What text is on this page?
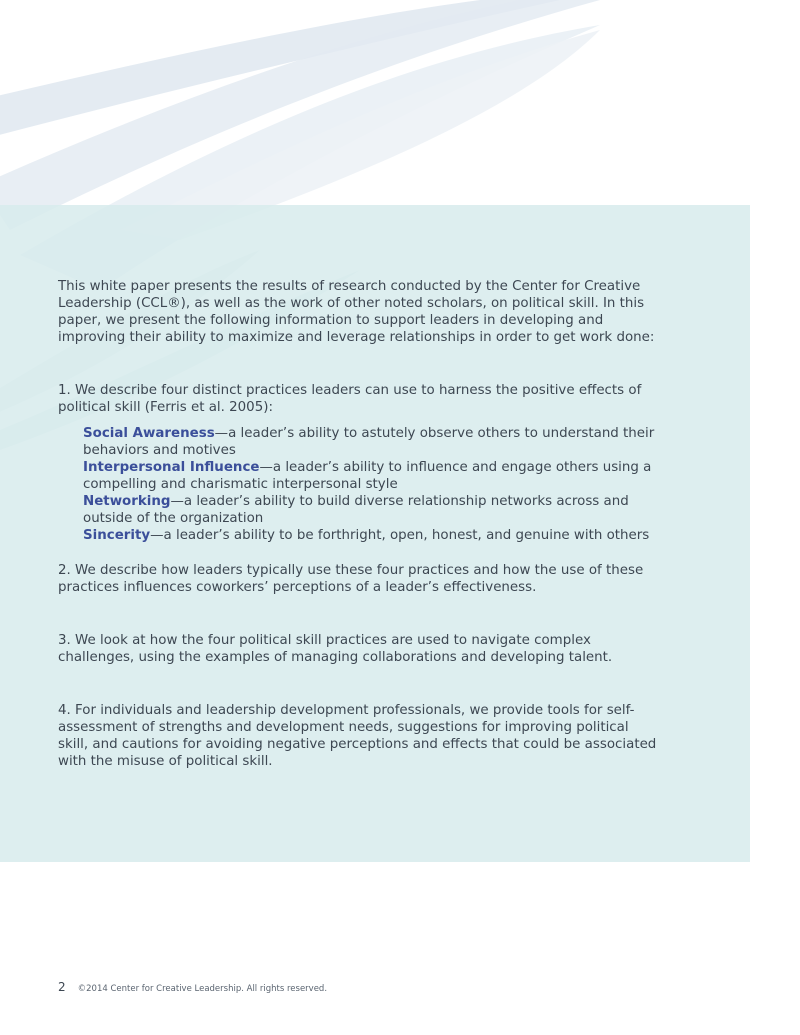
This white paper presents the results of research conducted by the Center for Creative Leadership (CCL®), as well as the work of other noted scholars, on political skill. In this paper, we present the following information to support leaders in developing and improving their ability to maximize and leverage relationships in order to get work done:

1. We describe four distinct practices leaders can use to harness the positive effects of political skill (Ferris et al. 2005):

Social Awareness—a leader’s ability to astutely observe others to understand their behaviors and motives

Interpersonal Influence—a leader’s ability to influence and engage others using a compelling and charismatic interpersonal style

Networking—a leader’s ability to build diverse relationship networks across and outside of the organization

Sincerity—a leader’s ability to be forthright, open, honest, and genuine with others

2. We describe how leaders typically use these four practices and how the use of these practices influences coworkers’ perceptions of a leader’s effectiveness.

3. We look at how the four political skill practices are used to navigate complex challenges, using the examples of managing collaborations and developing talent.

4. For individuals and leadership development professionals, we provide tools for self-assessment of strengths and development needs, suggestions for improving political skill, and cautions for avoiding negative perceptions and effects that could be associated with the misuse of political skill.

2 ©2014 Center for Creative Leadership. All rights reserved.
